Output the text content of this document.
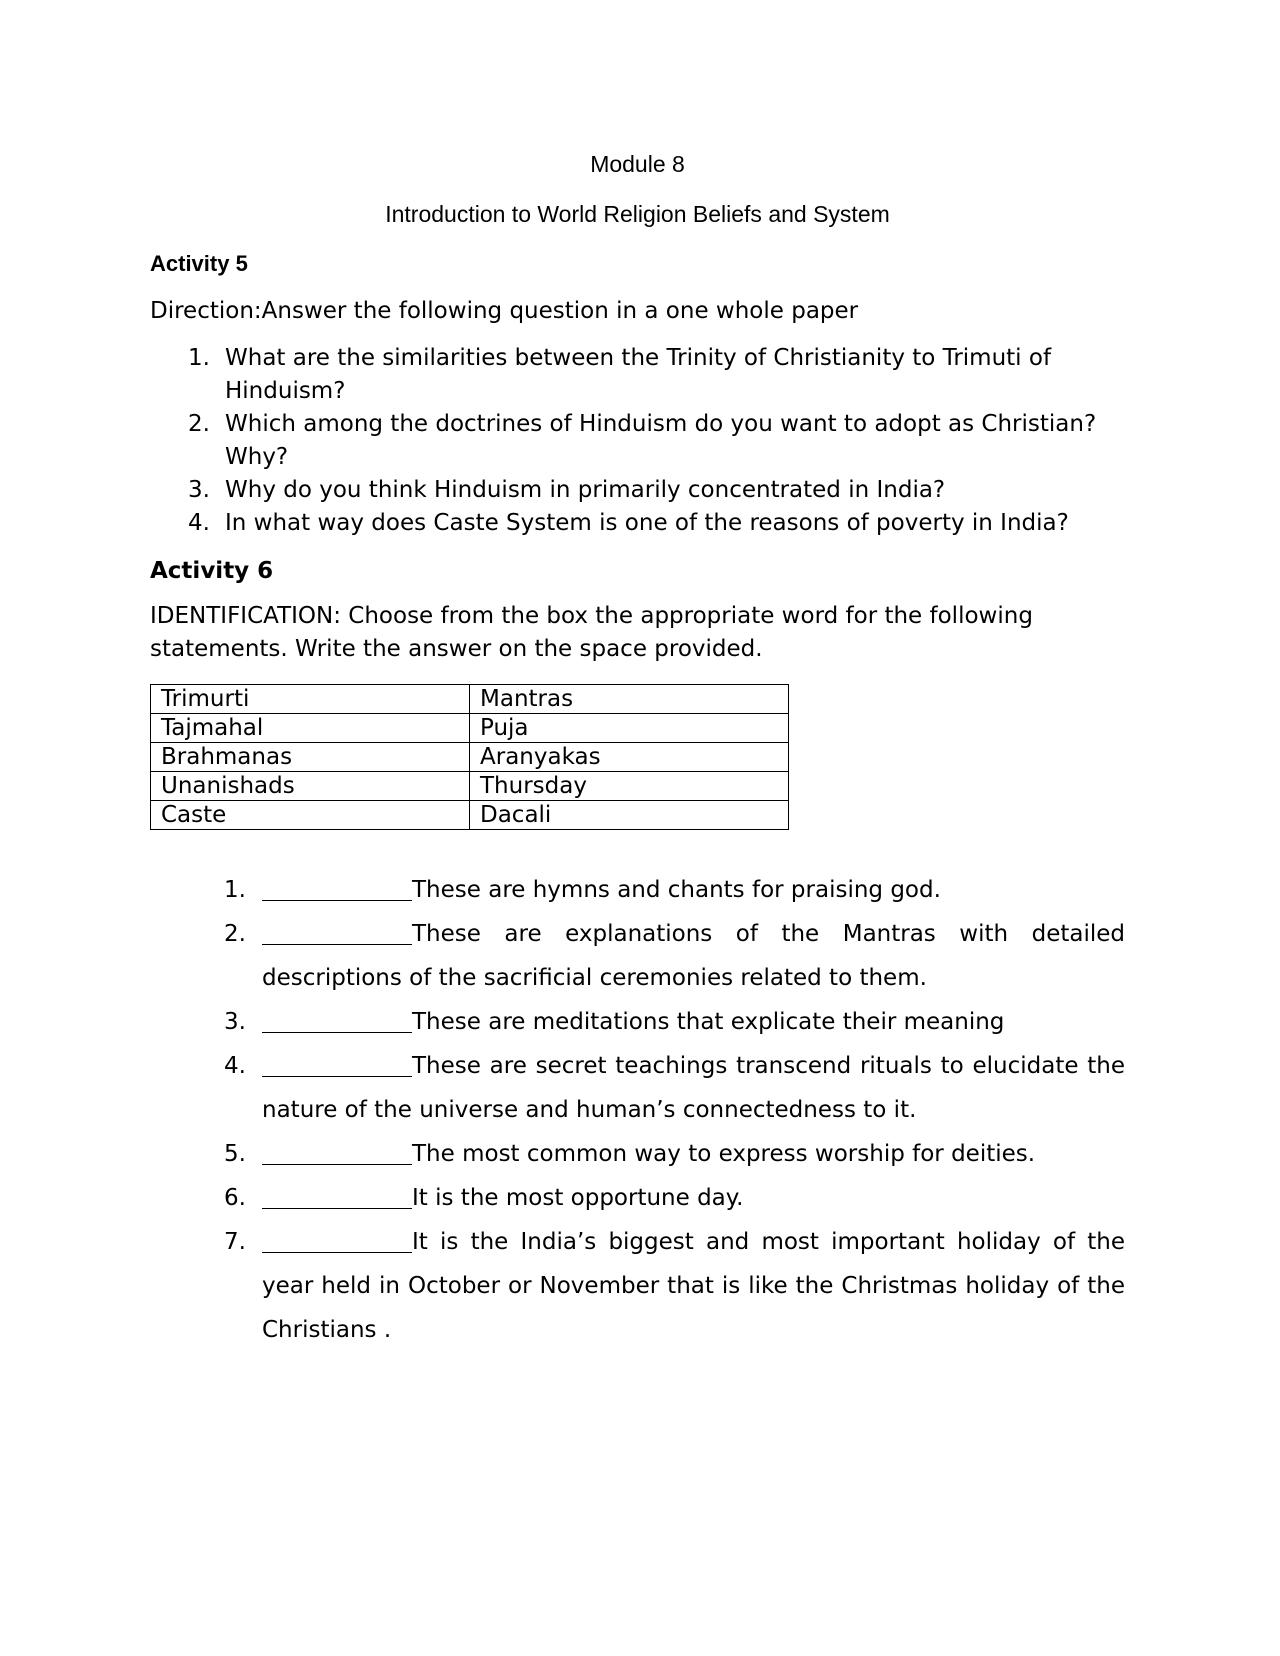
Module 8
Introduction to World Religion Beliefs and System
Activity 5
Direction:Answer the following question in a one whole paper
1. What are the similarities between the Trinity of Christianity to Trimuti of Hinduism?
2. Which among the doctrines of Hinduism do you want to adopt as Christian? Why?
3. Why do you think Hinduism in primarily concentrated in India?
4. In what way does Caste System is one of the reasons of poverty in India?
Activity 6
IDENTIFICATION: Choose from the box the appropriate word for the following statements. Write the answer on the space provided.
Trimurti	Mantras
Tajmahal	Puja
Brahmanas	Aranyakas
Unanishads	Thursday
Caste	Dacali
1.	These are hymns and chants for praising god.
2.	These are explanations of the Mantras with detailed descriptions of the sacrificial ceremonies related to them.
3.	These are meditations that explicate their meaning
4.	These are secret teachings transcend rituals to elucidate the nature of the universe and human’s connectedness to it.
5.	The most common way to express worship for deities.
6.	It is the most opportune day.
7.	It is the India’s biggest and most important holiday of the year held in October or November that is like the Christmas holiday of the Christians .
